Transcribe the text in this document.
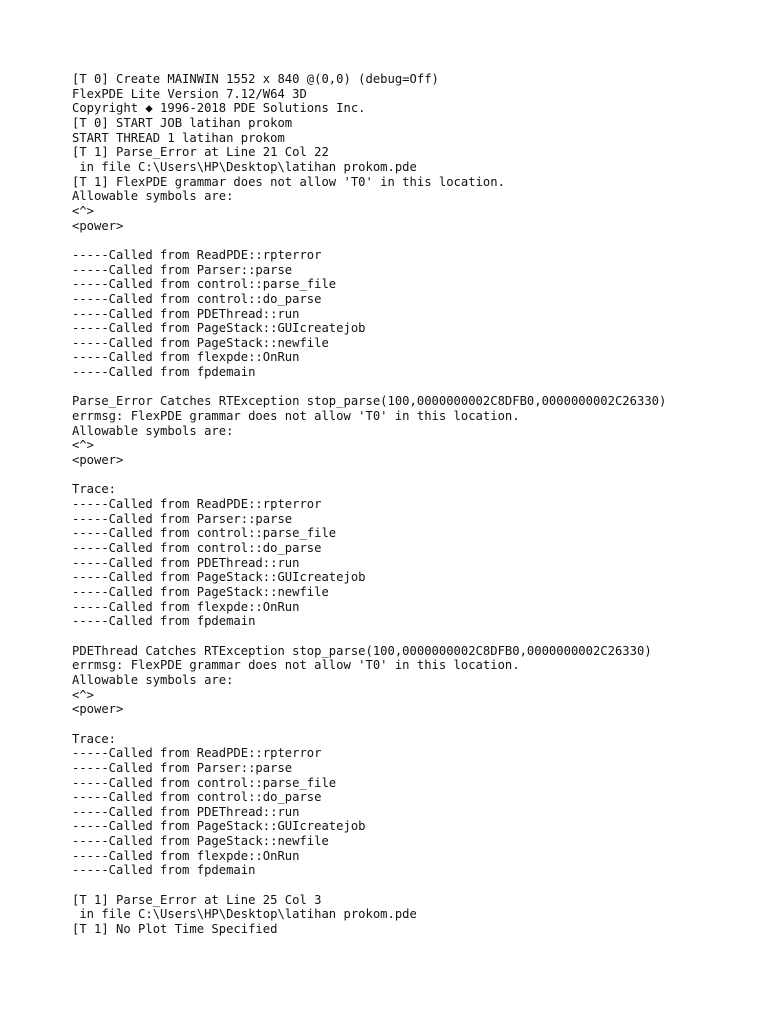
[T 0] Create MAINWIN 1552 x 840 @(0,0) (debug=Off)
FlexPDE Lite Version 7.12/W64 3D
Copyright ◆ 1996-2018 PDE Solutions Inc.
[T 0] START JOB latihan prokom
START THREAD 1 latihan prokom
[T 1] Parse_Error at Line 21 Col 22
in file C:\Users\HP\Desktop\latihan prokom.pde
[T 1] FlexPDE grammar does not allow 'T0' in this location.
Allowable symbols are:
<^>
<power>
-----Called from ReadPDE::rpterror
-----Called from Parser::parse
-----Called from control::parse_file
-----Called from control::do_parse
-----Called from PDEThread::run
-----Called from PageStack::GUIcreatejob
-----Called from PageStack::newfile
-----Called from flexpde::OnRun
-----Called from fpdemain
Parse_Error Catches RTException stop_parse(100,0000000002C8DFB0,0000000002C26330)
errmsg: FlexPDE grammar does not allow 'T0' in this location.
Allowable symbols are:
<^>
<power>
Trace:
-----Called from ReadPDE::rpterror
-----Called from Parser::parse
-----Called from control::parse_file
-----Called from control::do_parse
-----Called from PDEThread::run
-----Called from PageStack::GUIcreatejob
-----Called from PageStack::newfile
-----Called from flexpde::OnRun
-----Called from fpdemain
PDEThread Catches RTException stop_parse(100,0000000002C8DFB0,0000000002C26330)
errmsg: FlexPDE grammar does not allow 'T0' in this location.
Allowable symbols are:
<^>
<power>
Trace:
-----Called from ReadPDE::rpterror
-----Called from Parser::parse
-----Called from control::parse_file
-----Called from control::do_parse
-----Called from PDEThread::run
-----Called from PageStack::GUIcreatejob
-----Called from PageStack::newfile
-----Called from flexpde::OnRun
-----Called from fpdemain
[T 1] Parse_Error at Line 25 Col 3
in file C:\Users\HP\Desktop\latihan prokom.pde
[T 1] No Plot Time Specified
